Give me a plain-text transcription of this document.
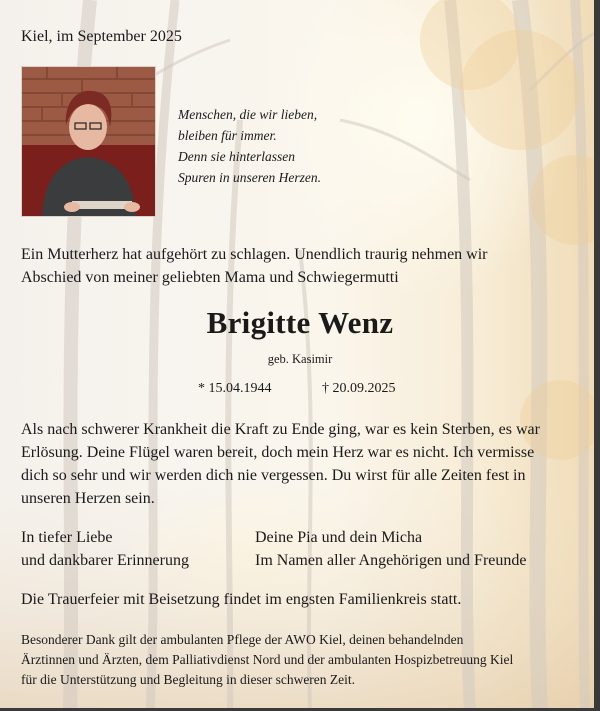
Kiel, im September 2025
Menschen, die wir lieben,
bleiben für immer.
Denn sie hinterlassen
Spuren in unseren Herzen.
Ein Mutterherz hat aufgehört zu schlagen. Unendlich traurig nehmen wir
Abschied von meiner geliebten Mama und Schwiegermutti
Brigitte Wenz
geb. Kasimir
* 15.04.1944	† 20.09.2025
Als nach schwerer Krankheit die Kraft zu Ende ging, war es kein Sterben, es war
Erlösung. Deine Flügel waren bereit, doch mein Herz war es nicht. Ich vermisse
dich so sehr und wir werden dich nie vergessen. Du wirst für alle Zeiten fest in
unseren Herzen sein.
In tiefer Liebe
und dankbarer Erinnerung
Deine Pia und dein Micha
Im Namen aller Angehörigen und Freunde
Die Trauerfeier mit Beisetzung findet im engsten Familienkreis statt.
Besonderer Dank gilt der ambulanten Pflege der AWO Kiel, deinen behandelnden
Ärztinnen und Ärzten, dem Palliativdienst Nord und der ambulanten Hospizbetreuung Kiel
für die Unterstützung und Begleitung in dieser schweren Zeit.
